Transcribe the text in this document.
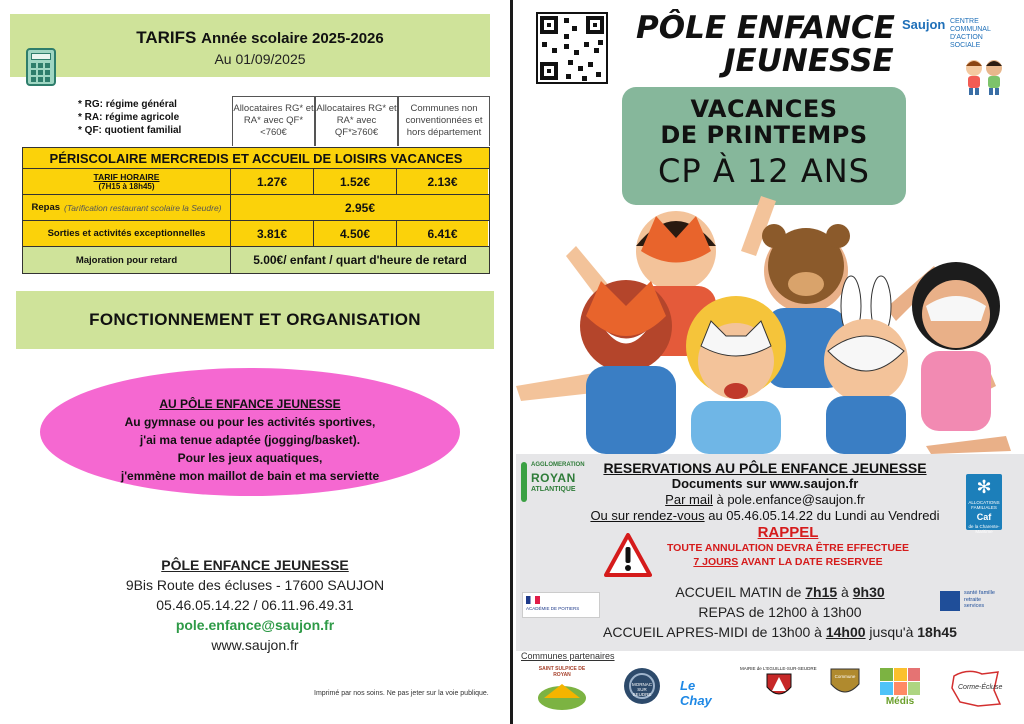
TARIFS Année scolaire 2025-2026
Au 01/09/2025
* RG: régime général
* RA: régime agricole
* QF: quotient familial
Allocataires RG* et RA* avec QF*<760€
Allocataires RG* et RA* avec QF*≥760€
Communes non conventionnées et hors département
PÉRISCOLAIRE MERCREDIS ET ACCUEIL DE LOISIRS VACANCES
TARIF HORAIRE
(7H15 à 18h45)	1.27€	1.52€	2.13€
Repas (Tarification restaurant scolaire la Seudre)	2.95€
Sorties et activités exceptionnelles	3.81€	4.50€	6.41€
Majoration pour retard	5.00€/ enfant / quart d'heure de retard
FONCTIONNEMENT ET ORGANISATION
AU PÔLE ENFANCE JEUNESSE
Au gymnase ou pour les activités sportives,
j'ai ma tenue adaptée (jogging/basket).
Pour les jeux aquatiques,
j'emmène mon maillot de bain et ma serviette
PÔLE ENFANCE JEUNESSE
9Bis Route des écluses - 17600 SAUJON
05.46.05.14.22 / 06.11.96.49.31
pole.enfance@saujon.fr
www.saujon.fr
Imprimé par nos soins. Ne pas jeter sur la voie publique.
PÔLE ENFANCE
JEUNESSE
Saujon CENTRE COMMUNAL D'ACTION SOCIALE
VACANCES
DE PRINTEMPS
CP À 12 ANS
AGGLOMERATION
ROYAN
ATLANTIQUE
RESERVATIONS AU PÔLE ENFANCE JEUNESSE
Documents sur www.saujon.fr
Par mail à pole.enfance@saujon.fr
Ou sur rendez-vous au 05.46.05.14.22 du Lundi au Vendredi
✻
ALLOCATIONS FAMILIALES
Caf
de la Charente-Maritime
RAPPEL
TOUTE ANNULATION DEVRA ÊTRE EFFECTUEE
7 JOURS AVANT LA DATE RESERVEE
ACADÉMIE DE POITIERS
ACCUEIL MATIN de 7h15 à 9h30
REPAS de 12h00 à 13h00
ACCUEIL APRES-MIDI de 13h00 à 14h00 jusqu'à 18h45
santé famille retraite services
Communes partenaires
SAINT SULPICE DE ROYAN
MORNAC SUR SEUDRE
Le Chay
MAIRIE de L'EGUILLE-SUR-SEUDRE
Commune
Médis
Corme-Écluse
